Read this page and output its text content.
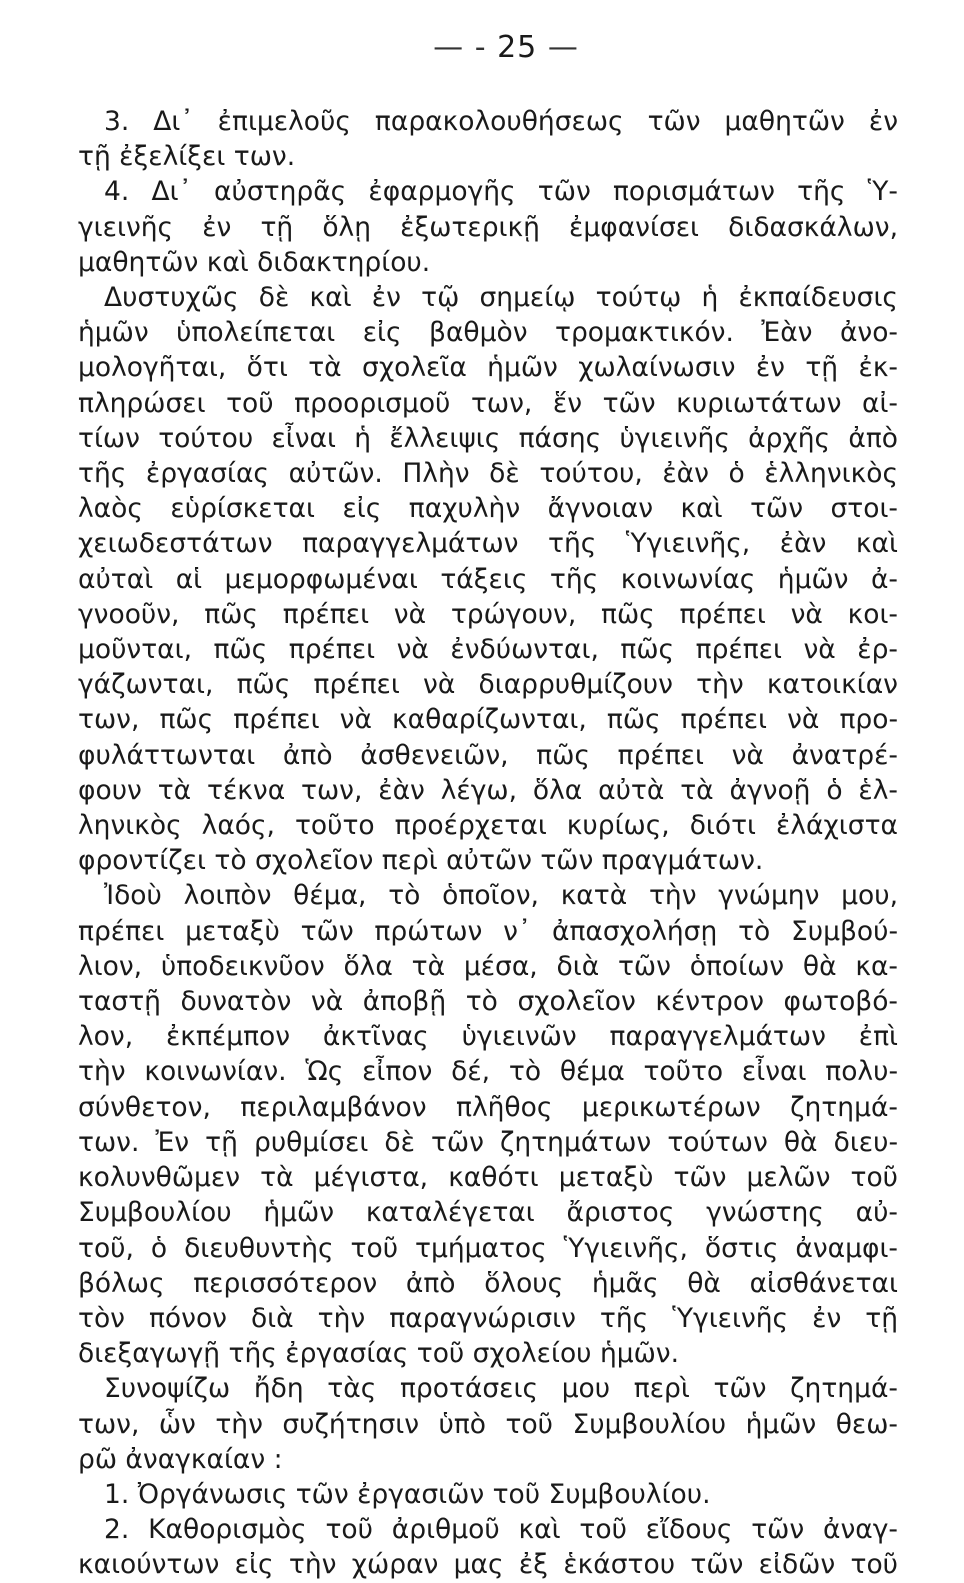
— - 25 —
3. Δι᾽ ἐπιμελοῦς παρακολουθήσεως τῶν μαθητῶν ἐν
τῇ ἐξελίξει των.
4. Δι᾽ αὐστηρᾶς ἐφαρμογῆς τῶν πορισμάτων τῆς Ὑ-
γιεινῆς ἐν τῇ ὅλῃ ἐξωτερικῇ ἐμφανίσει διδασκάλων,
μαθητῶν καὶ διδακτηρίου.
Δυστυχῶς δὲ καὶ ἐν τῷ σημείῳ τούτῳ ἡ ἐκπαίδευσις
ἡμῶν ὑπολείπεται εἰς βαθμὸν τρομακτικόν. Ἐὰν ἀνο-
μολογῆται, ὅτι τὰ σχολεῖα ἡμῶν χωλαίνωσιν ἐν τῇ ἐκ-
πληρώσει τοῦ προορισμοῦ των, ἕν τῶν κυριωτάτων αἰ-
τίων τούτου εἶναι ἡ ἔλλειψις πάσης ὑγιεινῆς ἀρχῆς ἀπὸ
τῆς ἐργασίας αὐτῶν. Πλὴν δὲ τούτου, ἐὰν ὁ ἑλληνικὸς
λαὸς εὑρίσκεται εἰς παχυλὴν ἄγνοιαν καὶ τῶν στοι-
χειωδεστάτων παραγγελμάτων τῆς Ὑγιεινῆς, ἐὰν καὶ
αὐταὶ αἱ μεμορφωμέναι τάξεις τῆς κοινωνίας ἡμῶν ἀ-
γνοοῦν, πῶς πρέπει νὰ τρώγουν, πῶς πρέπει νὰ κοι-
μοῦνται, πῶς πρέπει νὰ ἐνδύωνται, πῶς πρέπει νὰ ἐρ-
γάζωνται, πῶς πρέπει νὰ διαρρυθμίζουν τὴν κατοικίαν
των, πῶς πρέπει νὰ καθαρίζωνται, πῶς πρέπει νὰ προ-
φυλάττωνται ἀπὸ ἀσθενειῶν, πῶς πρέπει νὰ ἀνατρέ-
φουν τὰ τέκνα των, ἐὰν λέγω, ὅλα αὐτὰ τὰ ἀγνοῇ ὁ ἑλ-
ληνικὸς λαός, τοῦτο προέρχεται κυρίως, διότι ἐλάχιστα
φροντίζει τὸ σχολεῖον περὶ αὐτῶν τῶν πραγμάτων.
Ἰδοὺ λοιπὸν θέμα, τὸ ὁποῖον, κατὰ τὴν γνώμην μου,
πρέπει μεταξὺ τῶν πρώτων ν᾽ ἀπασχολήσῃ τὸ Συμβού-
λιον, ὑποδεικνῦον ὅλα τὰ μέσα, διὰ τῶν ὁποίων θὰ κα-
ταστῇ δυνατὸν νὰ ἀποβῇ τὸ σχολεῖον κέντρον φωτοβό-
λον, ἐκπέμπον ἀκτῖνας ὑγιεινῶν παραγγελμάτων ἐπὶ
τὴν κοινωνίαν. Ὡς εἶπον δέ, τὸ θέμα τοῦτο εἶναι πολυ-
σύνθετον, περιλαμβάνον πλῆθος μερικωτέρων ζητημά-
των. Ἐν τῇ ρυθμίσει δὲ τῶν ζητημάτων τούτων θὰ διευ-
κολυνθῶμεν τὰ μέγιστα, καθότι μεταξὺ τῶν μελῶν τοῦ
Συμβουλίου ἡμῶν καταλέγεται ἄριστος γνώστης αὐ-
τοῦ, ὁ διευθυντὴς τοῦ τμήματος Ὑγιεινῆς, ὅστις ἀναμφι-
βόλως περισσότερον ἀπὸ ὅλους ἡμᾶς θὰ αἰσθάνεται
τὸν πόνον διὰ τὴν παραγνώρισιν τῆς Ὑγιεινῆς ἐν τῇ
διεξαγωγῇ τῆς ἐργασίας τοῦ σχολείου ἡμῶν.
Συνοψίζω ἤδη τὰς προτάσεις μου περὶ τῶν ζητημά-
των, ὧν τὴν συζήτησιν ὑπὸ τοῦ Συμβουλίου ἡμῶν θεω-
ρῶ ἀναγκαίαν :
1. Ὀργάνωσις τῶν ἐργασιῶν τοῦ Συμβουλίου.
2. Καθορισμὸς τοῦ ἀριθμοῦ καὶ τοῦ εἴδους τῶν ἀναγ-
καιούντων εἰς τὴν χώραν μας ἐξ ἑκάστου τῶν εἰδῶν τοῦ
